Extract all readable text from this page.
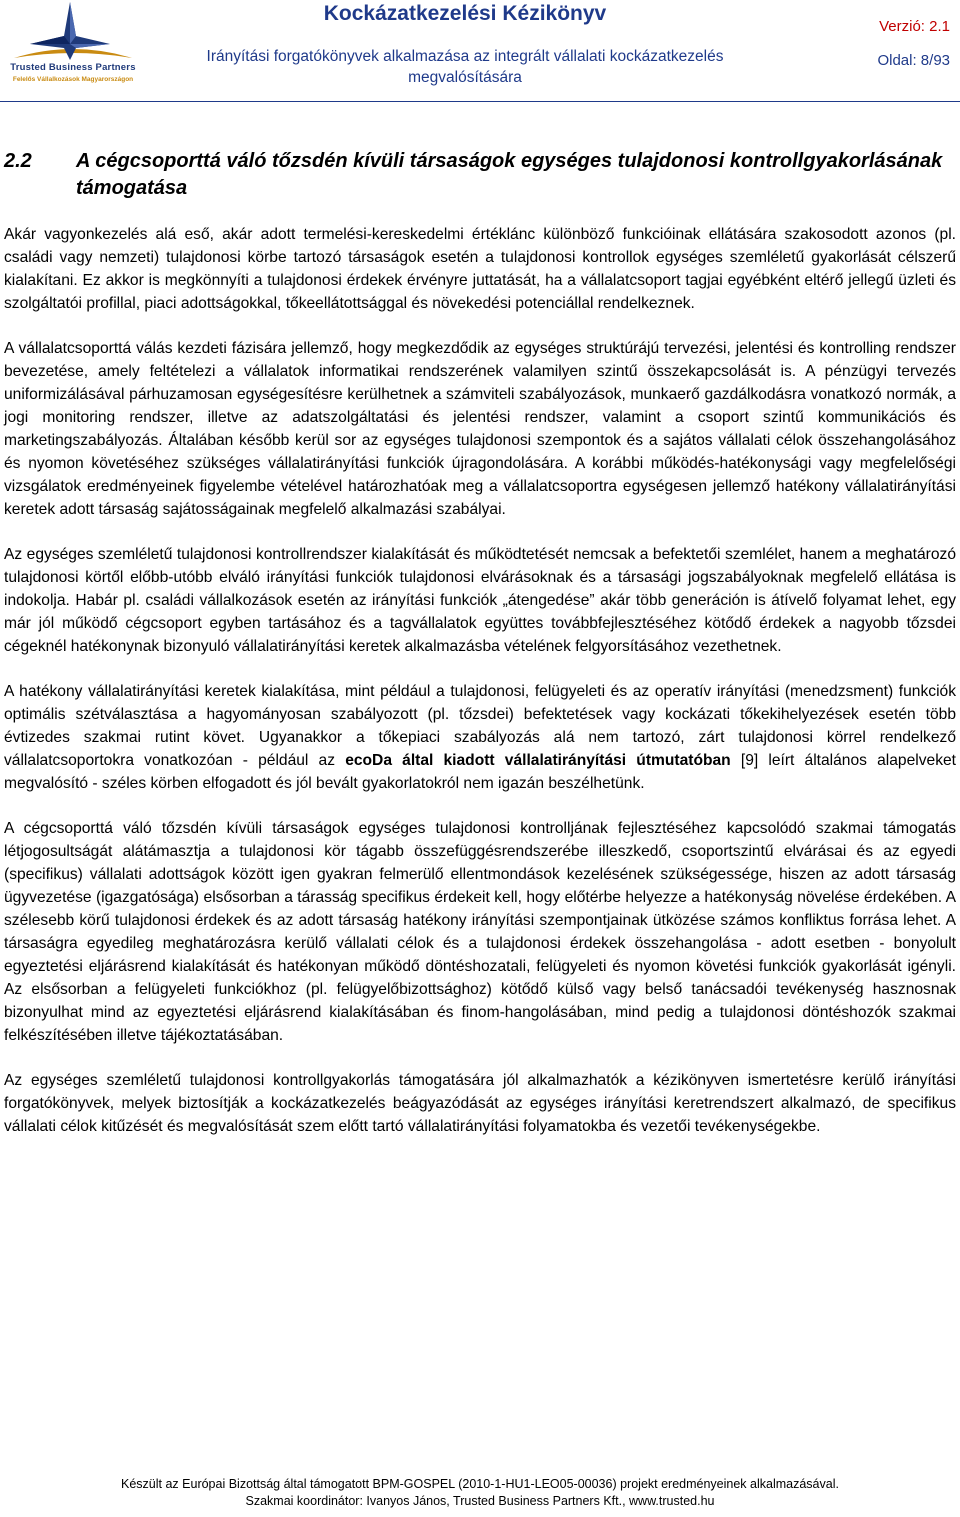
Trusted Business Partners
Felelős Vállalkozások Magyarországon
Kockázatkezelési Kézikönyv
Irányítási forgatókönyvek alkalmazása az integrált vállalati kockázatkezelés megvalósítására
Verzió: 2.1
Oldal: 8/93
2.2	A cégcsoporttá váló tőzsdén kívüli társaságok egységes tulajdonosi kontrollgyakorlásának támogatása

Akár vagyonkezelés alá eső, akár adott termelési-kereskedelmi értéklánc különböző funkcióinak ellátására szakosodott azonos (pl. családi vagy nemzeti) tulajdonosi körbe tartozó társaságok esetén a tulajdonosi kontrollok egységes szemléletű gyakorlását célszerű kialakítani. Ez akkor is megkönnyíti a tulajdonosi érdekek érvényre juttatását, ha a vállalatcsoport tagjai egyébként eltérő jellegű üzleti és szolgáltatói profillal, piaci adottságokkal, tőkeellátottsággal és növekedési potenciállal rendelkeznek.

A vállalatcsoporttá válás kezdeti fázisára jellemző, hogy megkezdődik az egységes struktúrájú tervezési, jelentési és kontrolling rendszer bevezetése, amely feltételezi a vállalatok informatikai rendszerének valamilyen szintű összekapcsolását is. A pénzügyi tervezés uniformizálásával párhuzamosan egységesítésre kerülhetnek a számviteli szabályozások, munkaerő gazdálkodásra vonatkozó normák, a jogi monitoring rendszer, illetve az adatszolgáltatási és jelentési rendszer, valamint a csoport szintű kommunikációs és marketingszabályozás. Általában később kerül sor az egységes tulajdonosi szempontok és a sajátos vállalati célok összehangolásához és nyomon követéséhez szükséges vállalatirányítási funkciók újragondolására. A korábbi működés-hatékonysági vagy megfelelőségi vizsgálatok eredményeinek figyelembe vételével határozhatóak meg a vállalatcsoportra egységesen jellemző hatékony vállalatirányítási keretek adott társaság sajátosságainak megfelelő alkalmazási szabályai.

Az egységes szemléletű tulajdonosi kontrollrendszer kialakítását és működtetését nemcsak a befektetői szemlélet, hanem a meghatározó tulajdonosi körtől előbb-utóbb elváló irányítási funkciók tulajdonosi elvárásoknak és a társasági jogszabályoknak megfelelő ellátása is indokolja. Habár pl. családi vállalkozások esetén az irányítási funkciók „átengedése” akár több generáción is átívelő folyamat lehet, egy már jól működő cégcsoport egyben tartásához és a tagvállalatok együttes továbbfejlesztéséhez kötődő érdekek a nagyobb tőzsdei cégeknél hatékonynak bizonyuló vállalatirányítási keretek alkalmazásba vételének felgyorsításához vezethetnek.

A hatékony vállalatirányítási keretek kialakítása, mint például a tulajdonosi, felügyeleti és az operatív irányítási (menedzsment) funkciók optimális szétválasztása a hagyományosan szabályozott (pl. tőzsdei) befektetések vagy kockázati tőkekihelyezések esetén több évtizedes szakmai rutint követ. Ugyanakkor a tőkepiaci szabályozás alá nem tartozó, zárt tulajdonosi körrel rendelkező vállalatcsoportokra vonatkozóan - például az ecoDa által kiadott vállalatirányítási útmutatóban [9] leírt általános alapelveket megvalósító - széles körben elfogadott és jól bevált gyakorlatokról nem igazán beszélhetünk.

A cégcsoporttá váló tőzsdén kívüli társaságok egységes tulajdonosi kontrolljának fejlesztéséhez kapcsolódó szakmai támogatás létjogosultságát alátámasztja a tulajdonosi kör tágabb összefüggésrendszerébe illeszkedő, csoportszintű elvárásai és az egyedi (specifikus) vállalati adottságok között igen gyakran felmerülő ellentmondások kezelésének szükségessége, hiszen az adott társaság ügyvezetése (igazgatósága) elsősorban a tárasság specifikus érdekeit kell, hogy előtérbe helyezze a hatékonyság növelése érdekében. A szélesebb körű tulajdonosi érdekek és az adott társaság hatékony irányítási szempontjainak ütközése számos konfliktus forrása lehet. A társaságra egyedileg meghatározásra kerülő vállalati célok és a tulajdonosi érdekek összehangolása - adott esetben - bonyolult egyeztetési eljárásrend kialakítását és hatékonyan működő döntéshozatali, felügyeleti és nyomon követési funkciók gyakorlását igényli. Az elsősorban a felügyeleti funkciókhoz (pl. felügyelőbizottsághoz) kötődő külső vagy belső tanácsadói tevékenység hasznosnak bizonyulhat mind az egyeztetési eljárásrend kialakításában és finom-hangolásában, mind pedig a tulajdonosi döntéshozók szakmai felkészítésében illetve tájékoztatásában.

Az egységes szemléletű tulajdonosi kontrollgyakorlás támogatására jól alkalmazhatók a kézikönyven ismertetésre kerülő irányítási forgatókönyvek, melyek biztosítják a kockázatkezelés beágyazódását az egységes irányítási keretrendszert alkalmazó, de specifikus vállalati célok kitűzését és megvalósítását szem előtt tartó vállalatirányítási folyamatokba és vezetői tevékenységekbe.

Készült az Európai Bizottság által támogatott BPM-GOSPEL (2010-1-HU1-LEO05-00036) projekt eredményeinek alkalmazásával.
Szakmai koordinátor: Ivanyos János, Trusted Business Partners Kft., www.trusted.hu
